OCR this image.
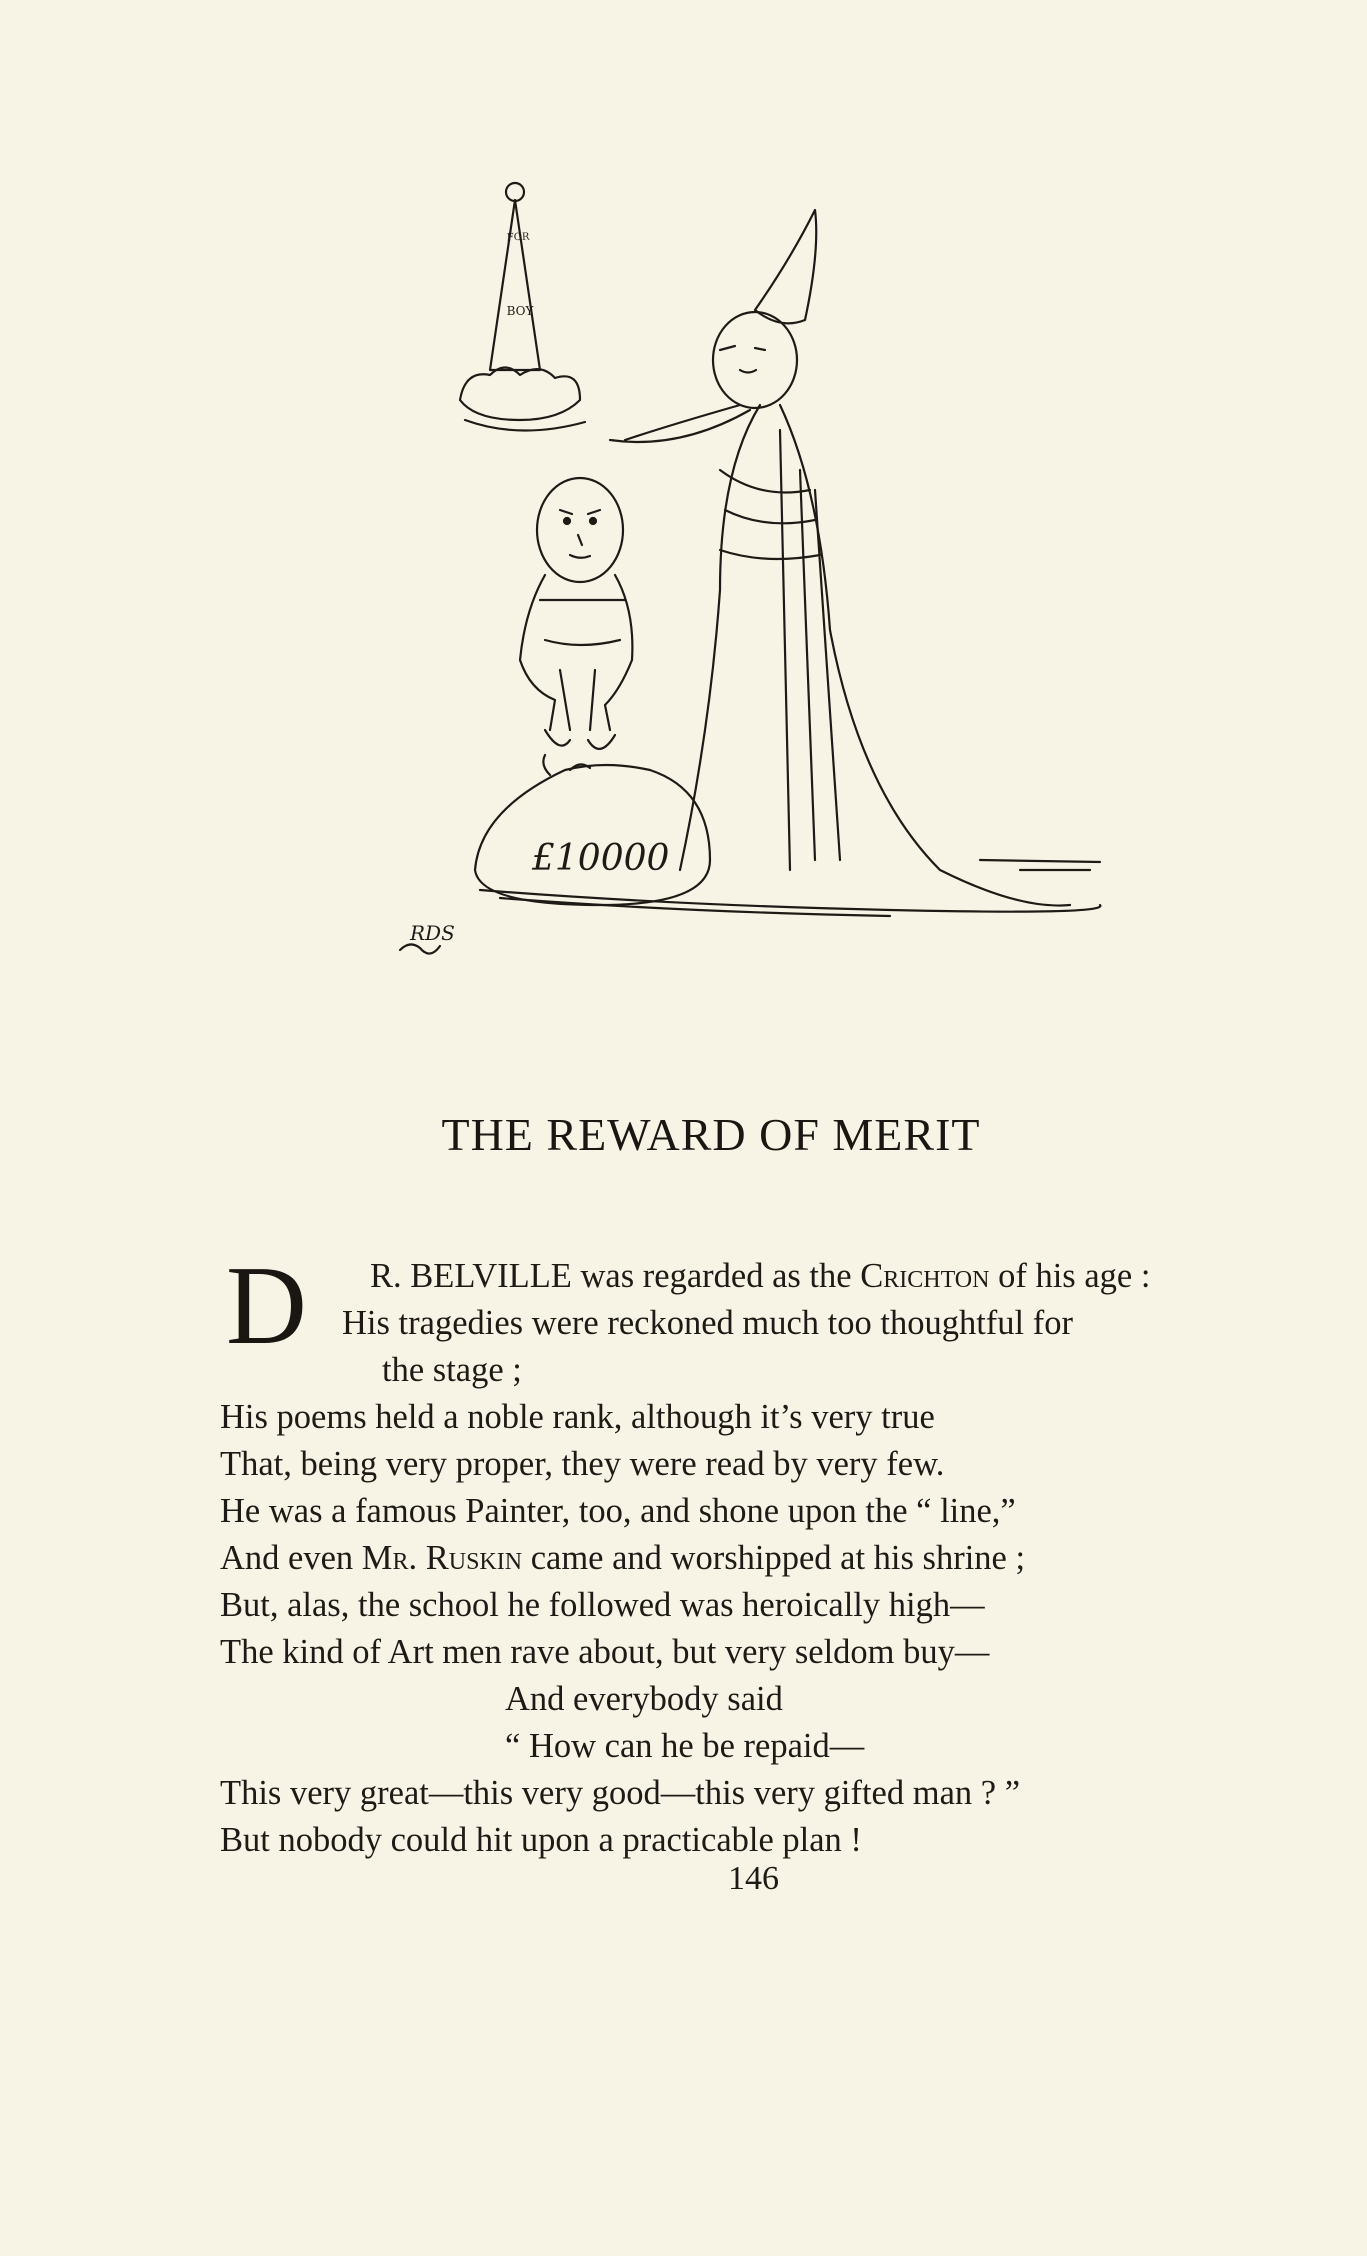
FOR
BOY
£10000
RDS
THE REWARD OF MERIT
D	R. BELVILLE was regarded as the Crichton of his age :
His tragedies were reckoned much too thoughtful for
the stage ;
His poems held a noble rank, although it’s very true
That, being very proper, they were read by very few.
He was a famous Painter, too, and shone upon the “ line,”
And even Mr. Ruskin came and worshipped at his shrine ;
But, alas, the school he followed was heroically high—
The kind of Art men rave about, but very seldom buy—
And everybody said
“ How can he be repaid—
This very great—this very good—this very gifted man ? ”
But nobody could hit upon a practicable plan !
146
